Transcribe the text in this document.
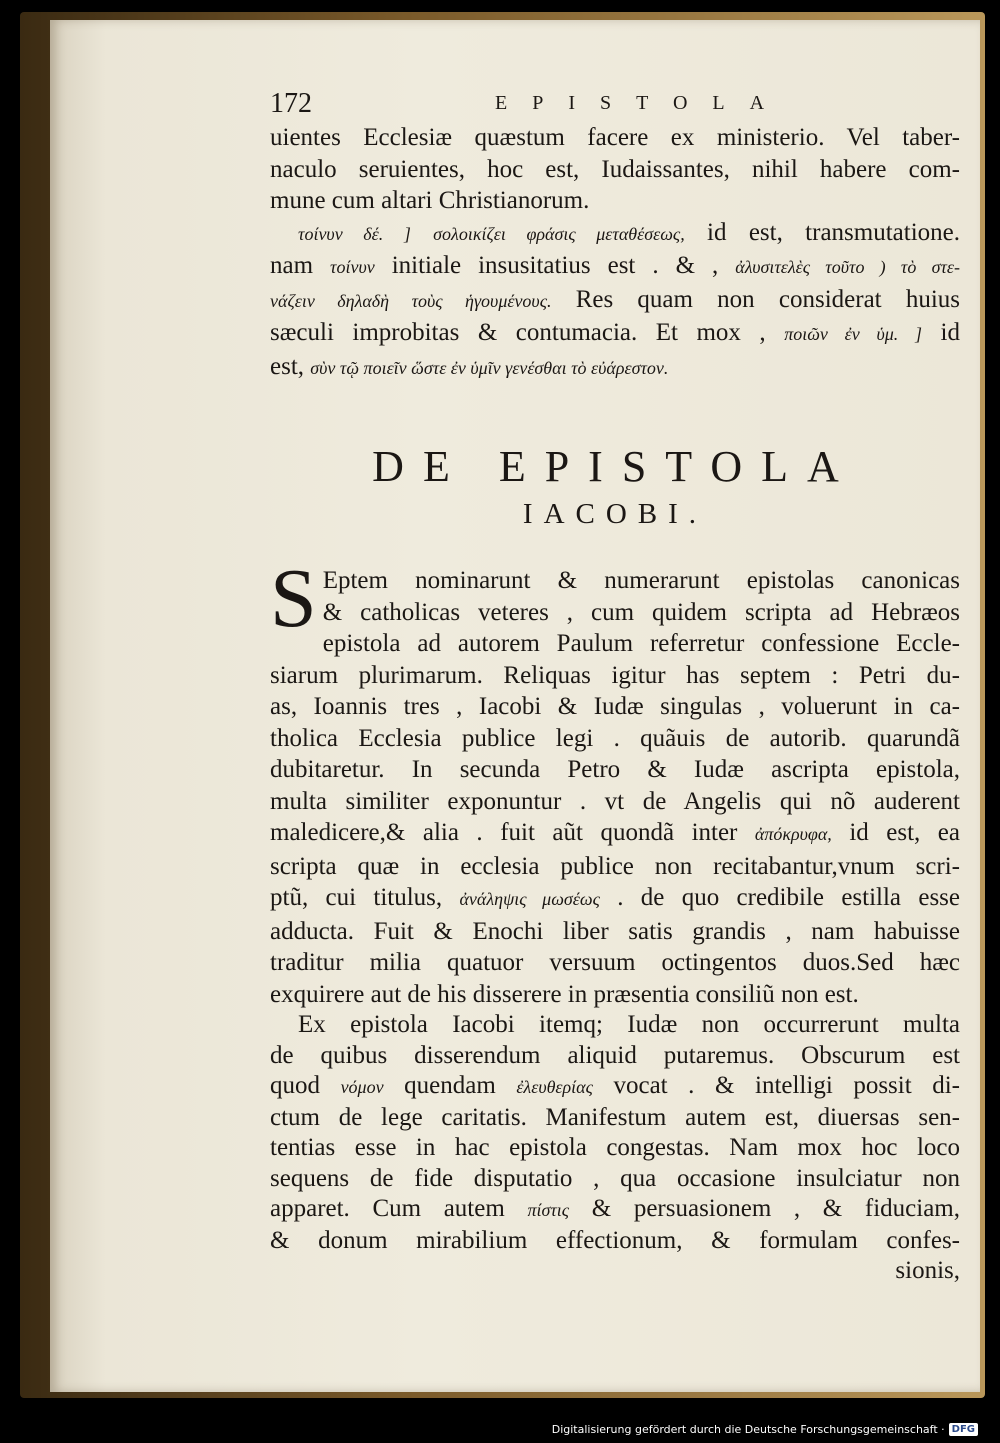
172	EPISTOLA
uientes Ecclesiæ quæstum facere ex ministerio. Vel taber-
naculo seruientes, hoc est, Iudaissantes, nihil habere com-
mune cum altari Christianorum.
τοίνυν δέ. ] σολοικίζει φράσις μεταθέσεως, id est, transmutatione.
nam τοίνυν initiale insusitatius est . & , ἀλυσιτελὲς τοῦτο ) τὸ στε-
νάζειν δηλαδὴ τοὺς ἡγουμένους. Res quam non considerat huius
sæculi improbitas & contumacia. Et mox , ποιῶν ἐν ὑμ. ] id
est, σὺν τῷ ποιεῖν ὥστε ἐν ὑμῖν γενέσθαι τὸ εὐάρεστον.
DE EPISTOLA
IACOBI.
S Eptem nominarunt & numerarunt epistolas canonicas
& catholicas veteres , cum quidem scripta ad Hebræos
epistola ad autorem Paulum referretur confessione Eccle-
siarum plurimarum. Reliquas igitur has septem : Petri du-
as, Ioannis tres , Iacobi & Iudæ singulas , voluerunt in ca-
tholica Ecclesia publice legi . quãuis de autorib. quarundã
dubitaretur. In secunda Petro & Iudæ ascripta epistola,
multa similiter exponuntur . vt de Angelis qui nõ auderent
maledicere,& alia . fuit aũt quondã inter ἀπόκρυφα, id est, ea
scripta quæ in ecclesia publice non recitabantur,vnum scri-
ptũ, cui titulus, ἀνάληψις μωσέως . de quo credibile estilla esse
adducta. Fuit & Enochi liber satis grandis , nam habuisse
traditur milia quatuor versuum octingentos duos.Sed hæc
exquirere aut de his disserere in præsentia consiliũ non est.
Ex epistola Iacobi itemq; Iudæ non occurrerunt multa
de quibus disserendum aliquid putaremus. Obscurum est
quod νόμον quendam ἐλευθερίας vocat . & intelligi possit di-
ctum de lege caritatis. Manifestum autem est, diuersas sen-
tentias esse in hac epistola congestas. Nam mox hoc loco
sequens de fide disputatio , qua occasione insulciatur non
apparet. Cum autem πίστις & persuasionem , & fiduciam,
& donum mirabilium effectionum, & formulam confes-
sionis,
Digitalisierung gefördert durch die Deutsche Forschungsgemeinschaft · DFG
